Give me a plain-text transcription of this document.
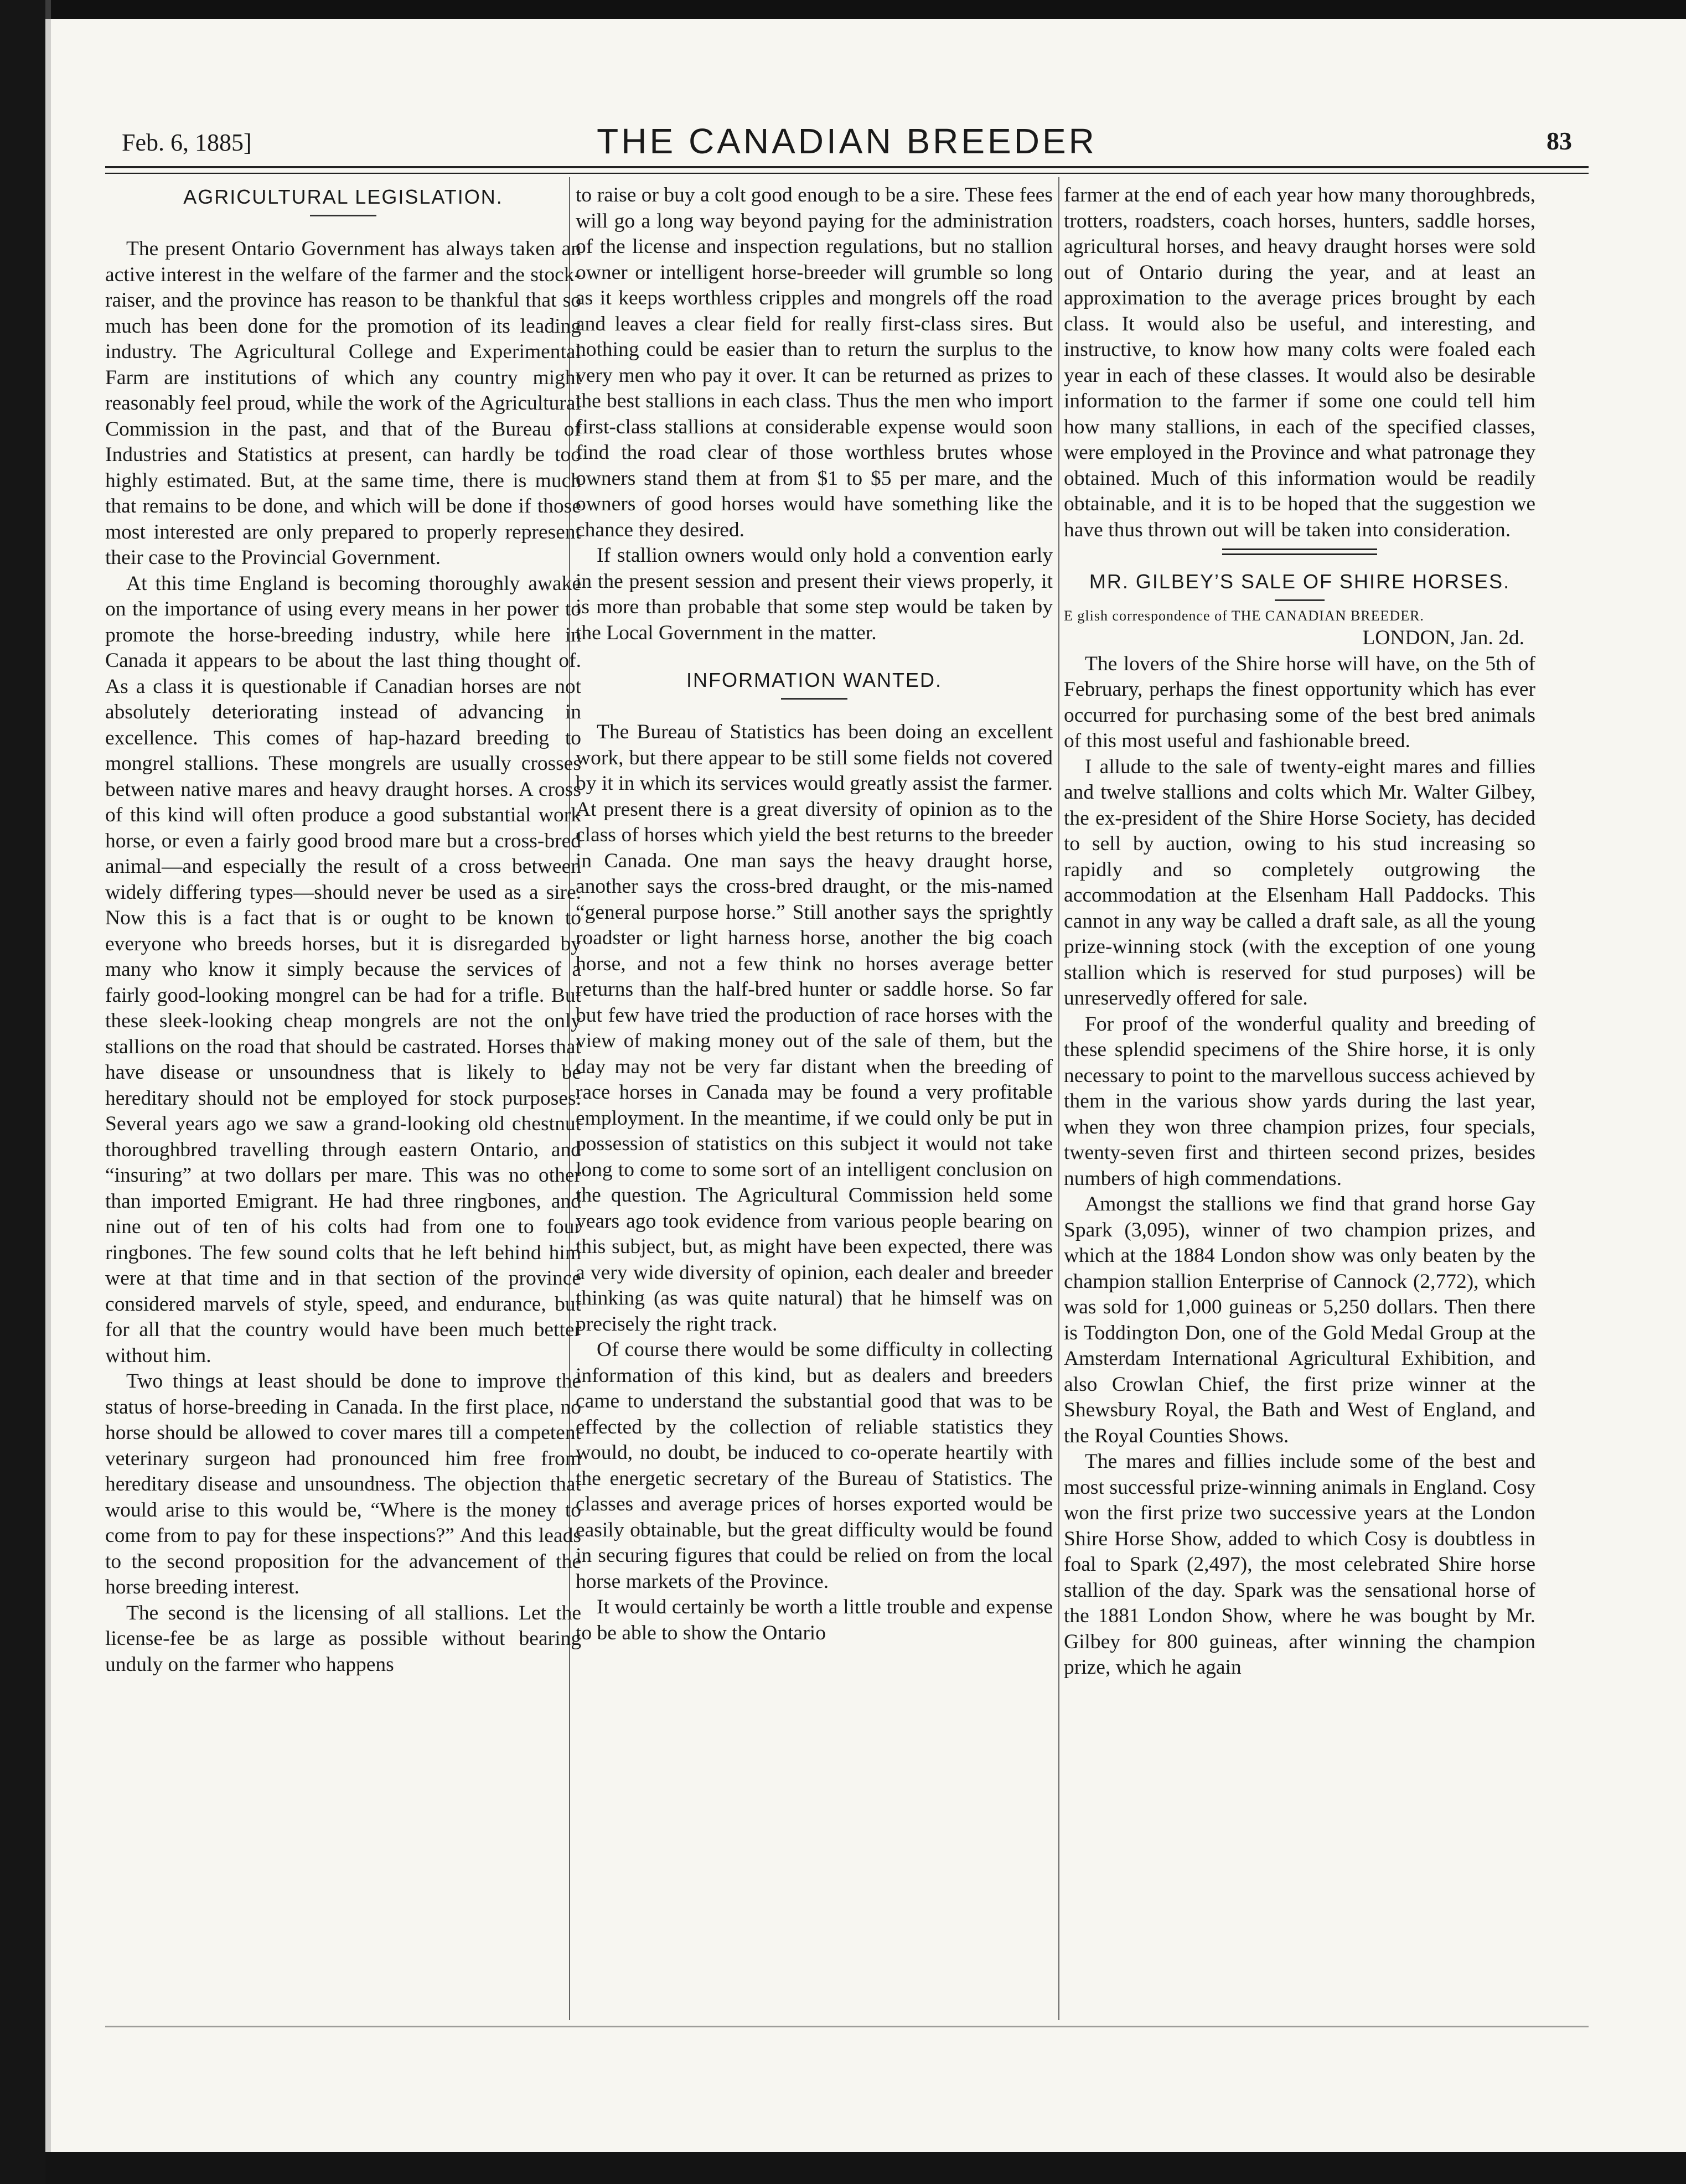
Feb. 6, 1885]	THE CANADIAN BREEDER	83
AGRICULTURAL LEGISLATION.

The present Ontario Government has always taken an active interest in the welfare of the farmer and the stock-raiser, and the province has reason to be thankful that so much has been done for the promotion of its leading industry. The Agricultural College and Experimental Farm are institutions of which any country might reasonably feel proud, while the work of the Agricultural Commission in the past, and that of the Bureau of Industries and Statistics at present, can hardly be too highly estimated. But, at the same time, there is much that remains to be done, and which will be done if those most interested are only prepared to properly represent their case to the Provincial Government.

At this time England is becoming thoroughly awake on the importance of using every means in her power to promote the horse-breeding industry, while here in Canada it appears to be about the last thing thought of. As a class it is questionable if Canadian horses are not absolutely deteriorating instead of advancing in excellence. This comes of hap-hazard breeding to mongrel stallions. These mongrels are usually crosses between native mares and heavy draught horses. A cross of this kind will often produce a good substantial work horse, or even a fairly good brood mare but a cross-bred animal—and especially the result of a cross between widely differing types—should never be used as a sire. Now this is a fact that is or ought to be known to everyone who breeds horses, but it is disregarded by many who know it simply because the services of a fairly good-looking mongrel can be had for a trifle. But these sleek-looking cheap mongrels are not the only stallions on the road that should be castrated. Horses that have disease or unsoundness that is likely to be hereditary should not be employed for stock purposes. Several years ago we saw a grand-looking old chestnut thoroughbred travelling through eastern Ontario, and “insuring” at two dollars per mare. This was no other than imported Emigrant. He had three ringbones, and nine out of ten of his colts had from one to four ringbones. The few sound colts that he left behind him were at that time and in that section of the province considered marvels of style, speed, and endurance, but for all that the country would have been much better without him.

Two things at least should be done to improve the status of horse-breeding in Canada. In the first place, no horse should be allowed to cover mares till a competent veterinary surgeon had pronounced him free from hereditary disease and unsoundness. The objection that would arise to this would be, “Where is the money to come from to pay for these inspections?” And this leads to the second proposition for the advancement of the horse breeding interest.

The second is the licensing of all stallions. Let the license-fee be as large as possible without bearing unduly on the farmer who happens

to raise or buy a colt good enough to be a sire. These fees will go a long way beyond paying for the administration of the license and inspection regulations, but no stallion owner or intelligent horse-breeder will grumble so long as it keeps worthless cripples and mongrels off the road and leaves a clear field for really first-class sires. But nothing could be easier than to return the surplus to the very men who pay it over. It can be returned as prizes to the best stallions in each class. Thus the men who import first-class stallions at considerable expense would soon find the road clear of those worthless brutes whose owners stand them at from $1 to $5 per mare, and the owners of good horses would have something like the chance they desired.

If stallion owners would only hold a convention early in the present session and present their views properly, it is more than probable that some step would be taken by the Local Government in the matter.

INFORMATION WANTED.

The Bureau of Statistics has been doing an excellent work, but there appear to be still some fields not covered by it in which its services would greatly assist the farmer. At present there is a great diversity of opinion as to the class of horses which yield the best returns to the breeder in Canada. One man says the heavy draught horse, another says the cross-bred draught, or the mis-named “general purpose horse.” Still another says the sprightly roadster or light harness horse, another the big coach horse, and not a few think no horses average better returns than the half-bred hunter or saddle horse. So far but few have tried the production of race horses with the view of making money out of the sale of them, but the day may not be very far distant when the breeding of race horses in Canada may be found a very profitable employment. In the meantime, if we could only be put in possession of statistics on this subject it would not take long to come to some sort of an intelligent conclusion on the question. The Agricultural Commission held some years ago took evidence from various people bearing on this subject, but, as might have been expected, there was a very wide diversity of opinion, each dealer and breeder thinking (as was quite natural) that he himself was on precisely the right track.

Of course there would be some difficulty in collecting information of this kind, but as dealers and breeders came to understand the substantial good that was to be effected by the collection of reliable statistics they would, no doubt, be induced to co-operate heartily with the energetic secretary of the Bureau of Statistics. The classes and average prices of horses exported would be easily obtainable, but the great difficulty would be found in securing figures that could be relied on from the local horse markets of the Province.

It would certainly be worth a little trouble and expense to be able to show the Ontario

farmer at the end of each year how many thoroughbreds, trotters, roadsters, coach horses, hunters, saddle horses, agricultural horses, and heavy draught horses were sold out of Ontario during the year, and at least an approximation to the average prices brought by each class. It would also be useful, and interesting, and instructive, to know how many colts were foaled each year in each of these classes. It would also be desirable information to the farmer if some one could tell him how many stallions, in each of the specified classes, were employed in the Province and what patronage they obtained. Much of this information would be readily obtainable, and it is to be hoped that the suggestion we have thus thrown out will be taken into consideration.

MR. GILBEY’S SALE OF SHIRE HORSES.

E glish correspondence of THE CANADIAN BREEDER.

LONDON, Jan. 2d.

The lovers of the Shire horse will have, on the 5th of February, perhaps the finest opportunity which has ever occurred for purchasing some of the best bred animals of this most useful and fashionable breed.

I allude to the sale of twenty-eight mares and fillies and twelve stallions and colts which Mr. Walter Gilbey, the ex-president of the Shire Horse Society, has decided to sell by auction, owing to his stud increasing so rapidly and so completely outgrowing the accommodation at the Elsenham Hall Paddocks. This cannot in any way be called a draft sale, as all the young prize-winning stock (with the exception of one young stallion which is reserved for stud purposes) will be unreservedly offered for sale.

For proof of the wonderful quality and breeding of these splendid specimens of the Shire horse, it is only necessary to point to the marvellous success achieved by them in the various show yards during the last year, when they won three champion prizes, four specials, twenty-seven first and thirteen second prizes, besides numbers of high commendations.

Amongst the stallions we find that grand horse Gay Spark (3,095), winner of two champion prizes, and which at the 1884 London show was only beaten by the champion stallion Enterprise of Cannock (2,772), which was sold for 1,000 guineas or 5,250 dollars. Then there is Toddington Don, one of the Gold Medal Group at the Amsterdam International Agricultural Exhibition, and also Crowlan Chief, the first prize winner at the Shewsbury Royal, the Bath and West of England, and the Royal Counties Shows.

The mares and fillies include some of the best and most successful prize-winning animals in England. Cosy won the first prize two successive years at the London Shire Horse Show, added to which Cosy is doubtless in foal to Spark (2,497), the most celebrated Shire horse stallion of the day. Spark was the sensational horse of the 1881 London Show, where he was bought by Mr. Gilbey for 800 guineas, after winning the champion prize, which he again
